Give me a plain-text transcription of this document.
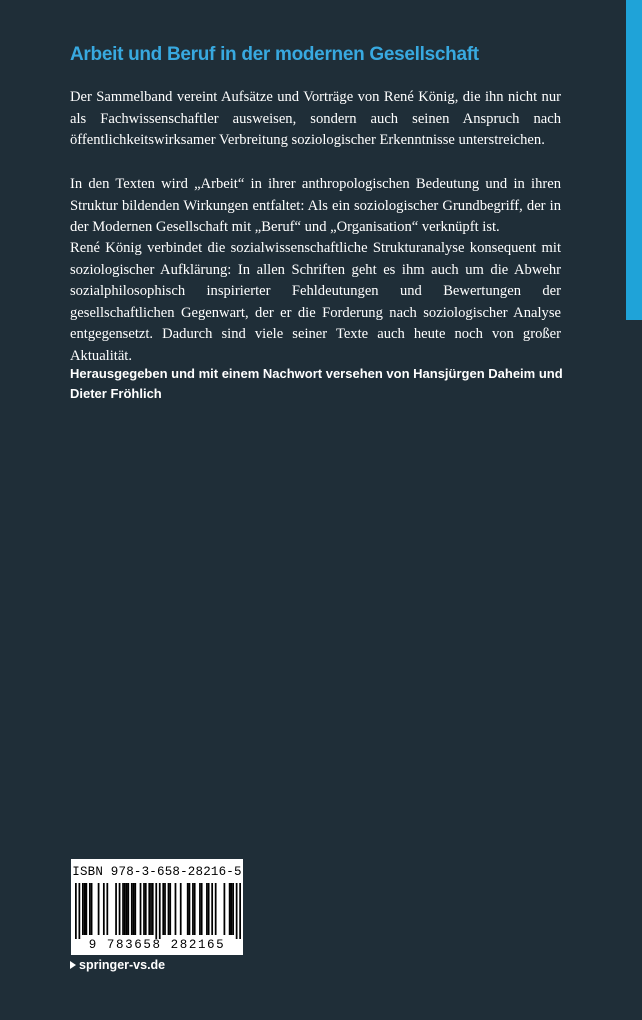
Arbeit und Beruf in der modernen Gesellschaft
Der Sammelband vereint Aufsätze und Vorträge von René König, die ihn nicht nur als Fachwissenschaftler ausweisen, sondern auch seinen Anspruch nach öffentlichkeitswirksamer Verbreitung soziologischer Erkenntnisse unterstreichen.
In den Texten wird „Arbeit“ in ihrer anthropologischen Bedeutung und in ihren Struktur bildenden Wirkungen entfaltet: Als ein soziologischer Grundbegriff, der in der Modernen Gesellschaft mit „Beruf“ und „Organisation“ verknüpft ist.
René König verbindet die sozialwissenschaftliche Strukturanalyse konsequent mit soziologischer Aufklärung: In allen Schriften geht es ihm auch um die Abwehr sozialphilosophisch inspirierter Fehldeutungen und Bewertungen der gesellschaftlichen Gegenwart, der er die Forderung nach soziologischer Analyse entgegensetzt. Dadurch sind viele seiner Texte auch heute noch von großer Aktualität.
Herausgegeben und mit einem Nachwort versehen von Hansjürgen Daheim und Dieter Fröhlich
ISBN 978-3-658-28216-5
9 783658 282165
springer-vs.de
